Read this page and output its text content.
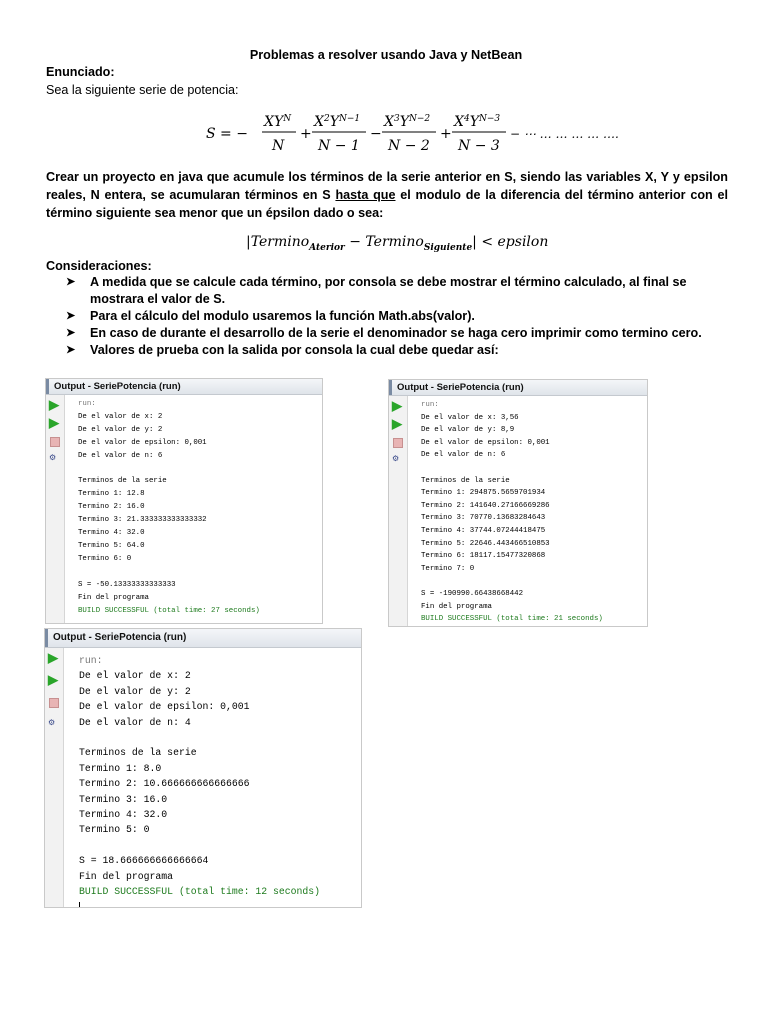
Problemas a resolver usando Java y NetBean
Enunciado:
Sea la siguiente serie de potencia:
S = −
$XY^N$
N
+
$X^2Y^{N-1}$
N − 1
−
$X^3Y^{N-2}$
N − 2
+
$X^4Y^{N-3}$
N − 3
− ⋯ … … … … ….
Crear un proyecto en java que acumule los términos de la serie anterior en S, siendo las variables X, Y y epsilon reales, N entera, se acumularan términos en S hasta que el modulo de la diferencia del término anterior con el término siguiente sea menor que un épsilon dado o sea:
|Termino$_{Aterior}$ − Termino$_{Siguiente}$| < epsilon
Consideraciones:
➤ A medida que se calcule cada término, por consola se debe mostrar el término calculado, al final se mostrara el valor de S.
➤ Para el cálculo del modulo usaremos la función Math.abs(valor).
➤ En caso de durante el desarrollo de la serie el denominador se haga cero imprimir como termino cero.
➤ Valores de prueba con la salida por consola la cual debe quedar así:
Output - SeriePotencia (run)
▶
▶
⚙
run:
De el valor de x: 2
De el valor de y: 2
De el valor de epsilon: 0,001
De el valor de n: 6

Terminos de la serie
Termino 1: 12.8
Termino 2: 16.0
Termino 3: 21.333333333333332
Termino 4: 32.0
Termino 5: 64.0
Termino 6: 0

S = -50.13333333333333
Fin del programa
BUILD SUCCESSFUL (total time: 27 seconds)
Output - SeriePotencia (run)
▶
▶
⚙
run:
De el valor de x: 3,56
De el valor de y: 8,9
De el valor de epsilon: 0,001
De el valor de n: 6

Terminos de la serie
Termino 1: 294875.5659701934
Termino 2: 141640.27166669286
Termino 3: 70770.13683284643
Termino 4: 37744.07244418475
Termino 5: 22646.443466510853
Termino 6: 18117.15477320868
Termino 7: 0

S = -190990.66438668442
Fin del programa
BUILD SUCCESSFUL (total time: 21 seconds)
Output - SeriePotencia (run)
▶
▶
⚙
run:
De el valor de x: 2
De el valor de y: 2
De el valor de epsilon: 0,001
De el valor de n: 4

Terminos de la serie
Termino 1: 8.0
Termino 2: 10.666666666666666
Termino 3: 16.0
Termino 4: 32.0
Termino 5: 0

S = 18.666666666666664
Fin del programa
BUILD SUCCESSFUL (total time: 12 seconds)
